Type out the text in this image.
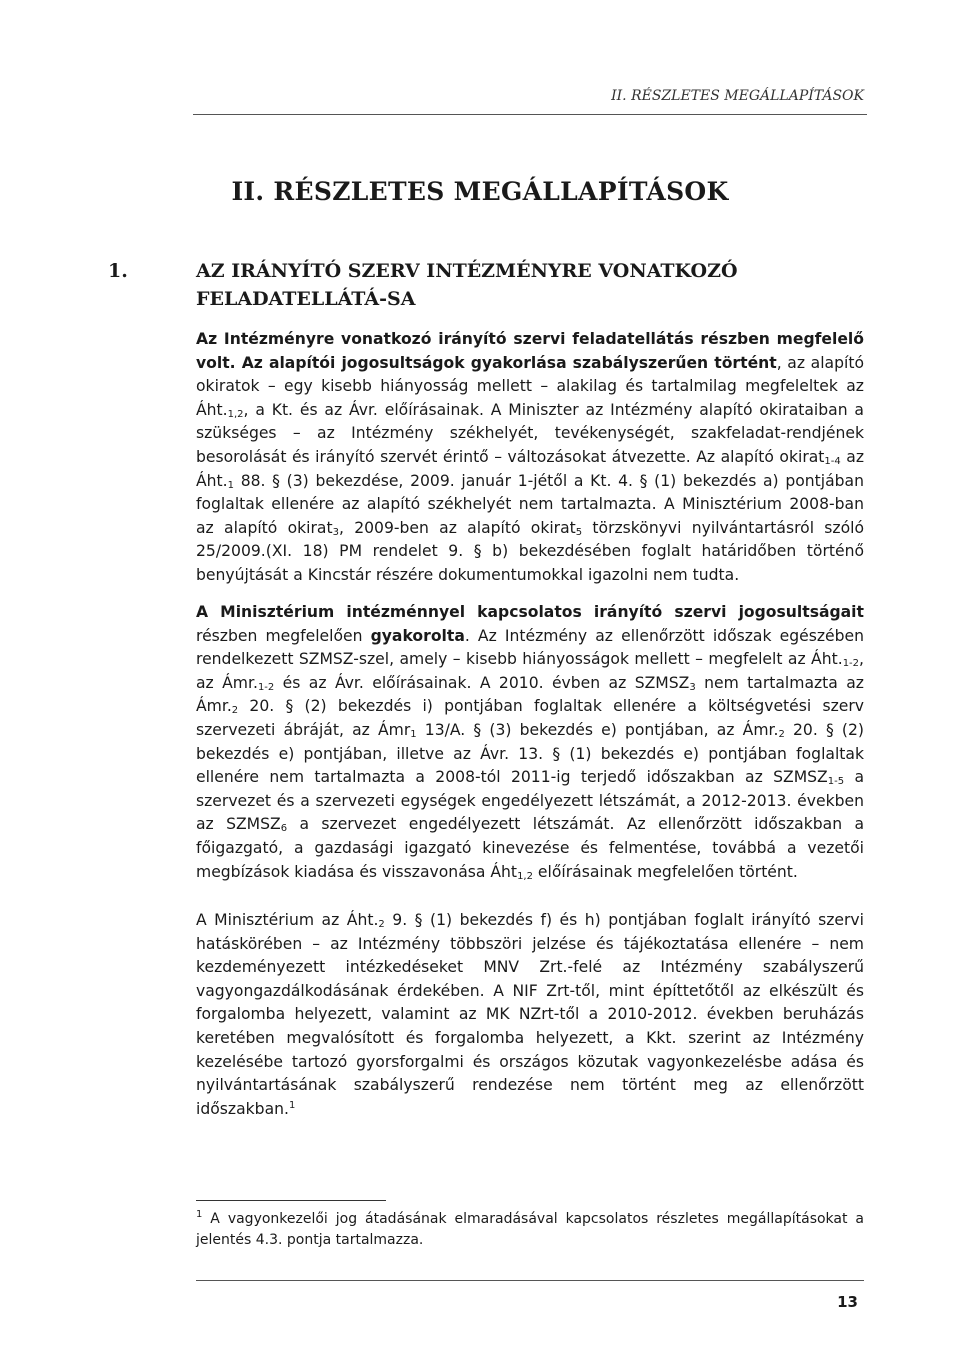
II. RÉSZLETES MEGÁLLAPÍTÁSOK
II. RÉSZLETES MEGÁLLAPÍTÁSOK
1.	AZ IRÁNYÍTÓ SZERV INTÉZMÉNYRE VONATKOZÓ FELADATELLÁTÁ-SA

Az Intézményre vonatkozó irányító szervi feladatellátás részben megfelelő volt. Az alapítói jogosultságok gyakorlása szabályszerűen történt, az alapító okiratok – egy kisebb hiányosság mellett – alakilag és tartalmilag megfeleltek az $Áht._{1,2}$, a Kt. és az Ávr. előírásainak. A Miniszter az Intézmény alapító okirataiban a szükséges – az Intézmény székhelyét, tevékenységét, szakfeladat-rendjének besorolását és irányító szervét érintő – változásokat átvezette. Az alapító okirat$_{1-4}$ az $Áht._1$ 88. § (3) bekezdése, 2009. január 1-jétől a Kt. 4. § (1) bekezdés a) pontjában foglaltak ellenére az alapító székhelyét nem tartalmazta. A Minisztérium 2008-ban az alapító okirat$_3$, 2009-ben az alapító okirat$_5$ törzskönyvi nyilvántartásról szóló 25/2009.(XI. 18) PM rendelet 9. § b) bekezdésében foglalt határidőben történő benyújtását a Kincstár részére dokumentumokkal igazolni nem tudta.

A Minisztérium intézménnyel kapcsolatos irányító szervi jogosultságait részben megfelelően gyakorolta. Az Intézmény az ellenőrzött időszak egészében rendelkezett SZMSZ-szel, amely – kisebb hiányosságok mellett – megfelelt az $Áht._{1-2}$, az $Ámr._{1-2}$ és az Ávr. előírásainak. A 2010. évben az $SZMSZ_3$ nem tartalmazta az $Ámr._2$ 20. § (2) bekezdés i) pontjában foglaltak ellenére a költségvetési szerv szervezeti ábráját, az Ámr$_1$ 13/A. § (3) bekezdés e) pontjában, az $Ámr._2$ 20. § (2) bekezdés e) pontjában, illetve az Ávr. 13. § (1) bekezdés e) pontjában foglaltak ellenére nem tartalmazta a 2008-tól 2011-ig terjedő időszakban az $SZMSZ_{1-5}$ a szervezet és a szervezeti egységek engedélyezett létszámát, a 2012-2013. években az $SZMSZ_6$ a szervezet engedélyezett létszámát. Az ellenőrzött időszakban a főigazgató, a gazdasági igazgató kinevezése és felmentése, továbbá a vezetői megbízások kiadása és visszavonása Áht$_{1,2}$ előírásainak megfelelően történt.

A Minisztérium az $Áht._2$ 9. § (1) bekezdés f) és h) pontjában foglalt irányító szervi hatáskörében – az Intézmény többszöri jelzése és tájékoztatása ellenére – nem kezdeményezett intézkedéseket MNV Zrt.-felé az Intézmény szabályszerű vagyongazdálkodásának érdekében. A NIF Zrt-től, mint építtetőtől az elkészült és forgalomba helyezett, valamint az MK NZrt-től a 2010-2012. években beruházás keretében megvalósított és forgalomba helyezett, a Kkt. szerint az Intézmény kezelésébe tartozó gyorsforgalmi és országos közutak vagyonkezelésbe adása és nyilvántartásának szabályszerű rendezése nem történt meg az ellenőrzött időszakban.$^1$

$^1$ A vagyonkezelői jog átadásának elmaradásával kapcsolatos részletes megállapításokat a jelentés 4.3. pontja tartalmazza.
13
